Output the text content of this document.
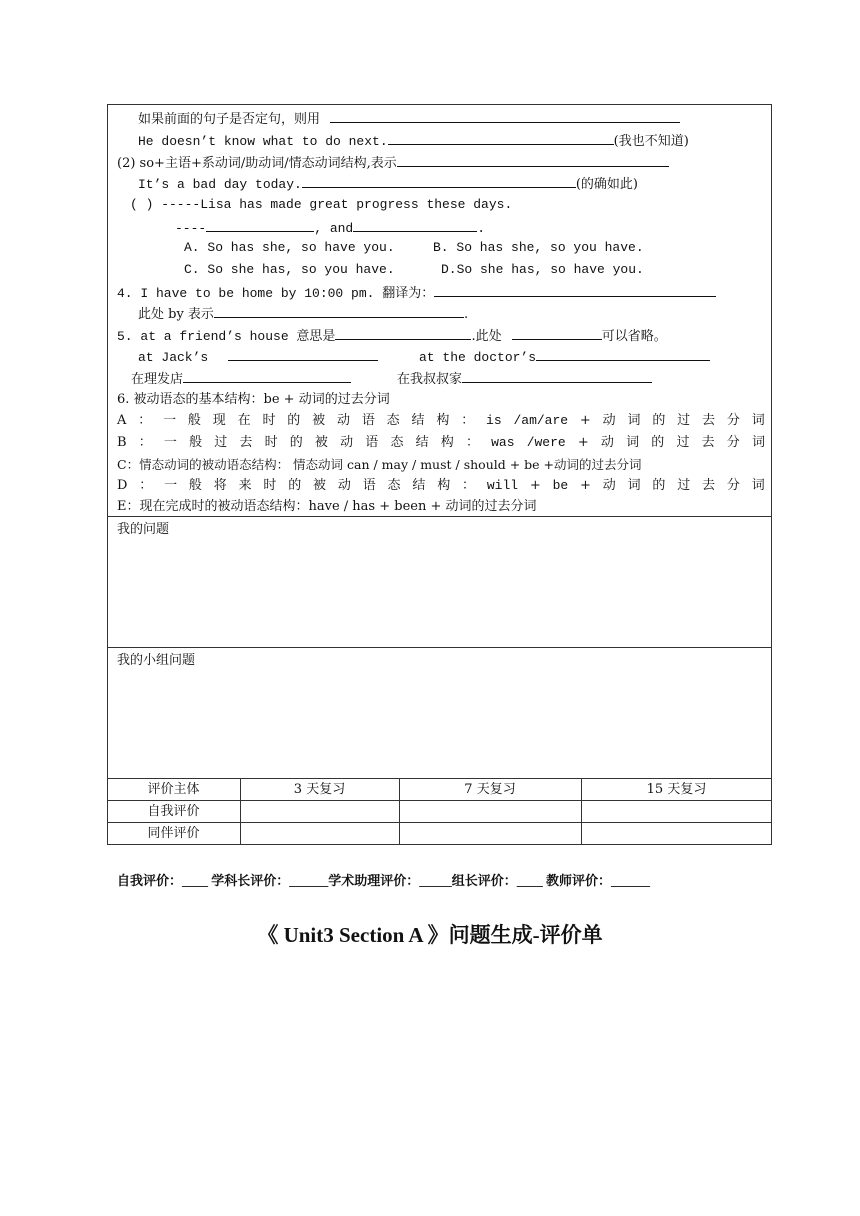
如果前面的句子是否定句，则用
He doesn’t know what to do next.	(我也不知道)
(2) so+主语+系动词/助动词/情态动词结构,表示
It’s a bad day today.	(的确如此)
( ) -----Lisa has made great progress these days.
----	, and	.
A. So has she, so have you.	B. So has she, so you have.
C. So she has, so you have.	D.So she has, so have you.
4. I have to be home by 10:00 pm. 翻译为：
此处 by 表示	.
5. at a friend’s house 意思是	.此处	可以省略。
at Jack’s	at the doctor’s
在理发店	在我叔叔家
6. 被动语态的基本结构：be + 动词的过去分词
A ： 一 般 现 在 时 的 被 动 语 态 结 构 ： is /am/are + 动 词 的 过 去 分 词
B ： 一 般 过 去 时 的 被 动 语 态 结 构 ： was /were + 动 词 的 过 去 分 词
C：情态动词的被动语态结构： 情态动词 can / may / must / should + be +动词的过去分词
D ： 一 般 将 来 时 的 被 动 语 态 结 构 ： will + be + 动 词 的 过 去 分 词
E：现在完成时的被动语态结构：have / has + been + 动词的过去分词
我的问题
我的小组问题
评价主体	3 天复习	7 天复习	15 天复习
自我评价
同伴评价
自我评价：____ 学科长评价：______学术助理评价：_____组长评价：____ 教师评价：______
《 Unit3 Section A 》问题生成-评价单
